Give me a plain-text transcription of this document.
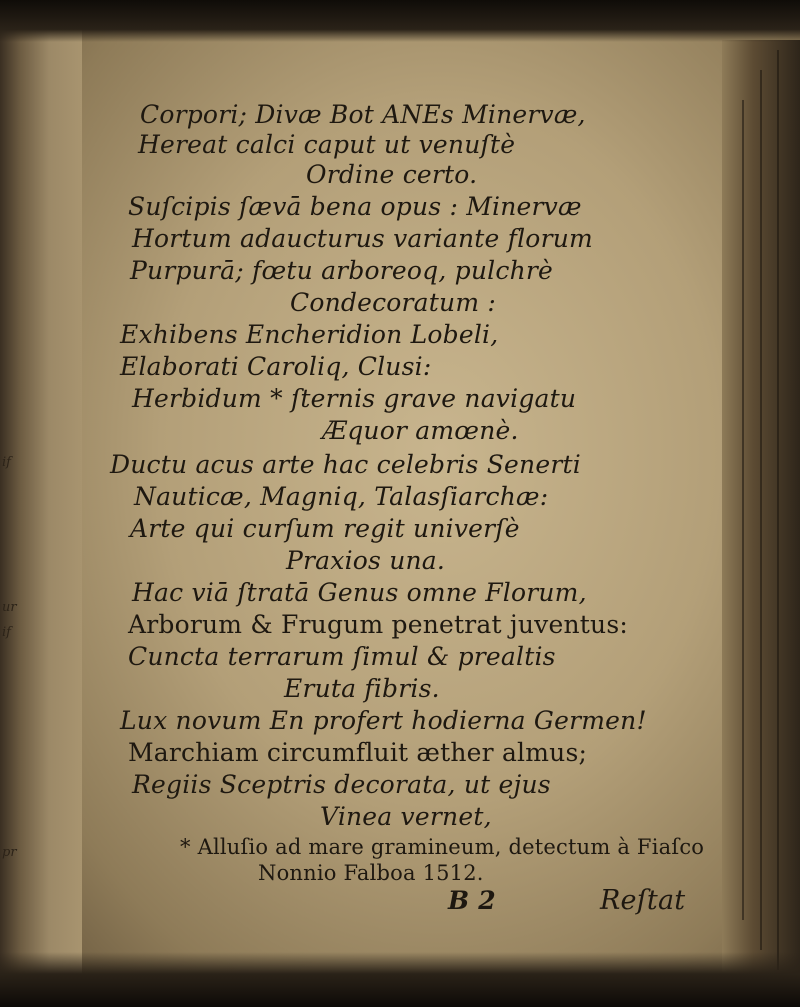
if
ur
if
pr
Corpori; Divæ Bot ANEs Minervæ,
Hereat calci caput ut venuſtè
Ordine certo.
Suſcipis ſævā bena opus : Minervæ
Hortum adaucturus variante florum
Purpurā; fœtu arboreoq, pulchrè
Condecoratum :
Exhibens Encheridion Lobeli,
Elaborati Caroliq, Clusi:
Herbidum * ſternis grave navigatu
Æquor amœnè.
Ductu acus arte hac celebris Senerti
Nauticæ, Magniq, Talasſiarchæ:
Arte qui curſum regit univerſè
Praxios una.
Hac viā ſtratā Genus omne Florum,
Arborum & Frugum penetrat juventus:
Cuncta terrarum ſimul & prealtis
Eruta fibris.
Lux novum En profert hodierna Germen!
Marchiam circumfluit æther almus;
Regiis Sceptris decorata, ut ejus
Vinea vernet,
* Alluſio ad mare gramineum, detectum à Fiaſco
Nonnio Falboa 1512.
B 2	Reſtat
